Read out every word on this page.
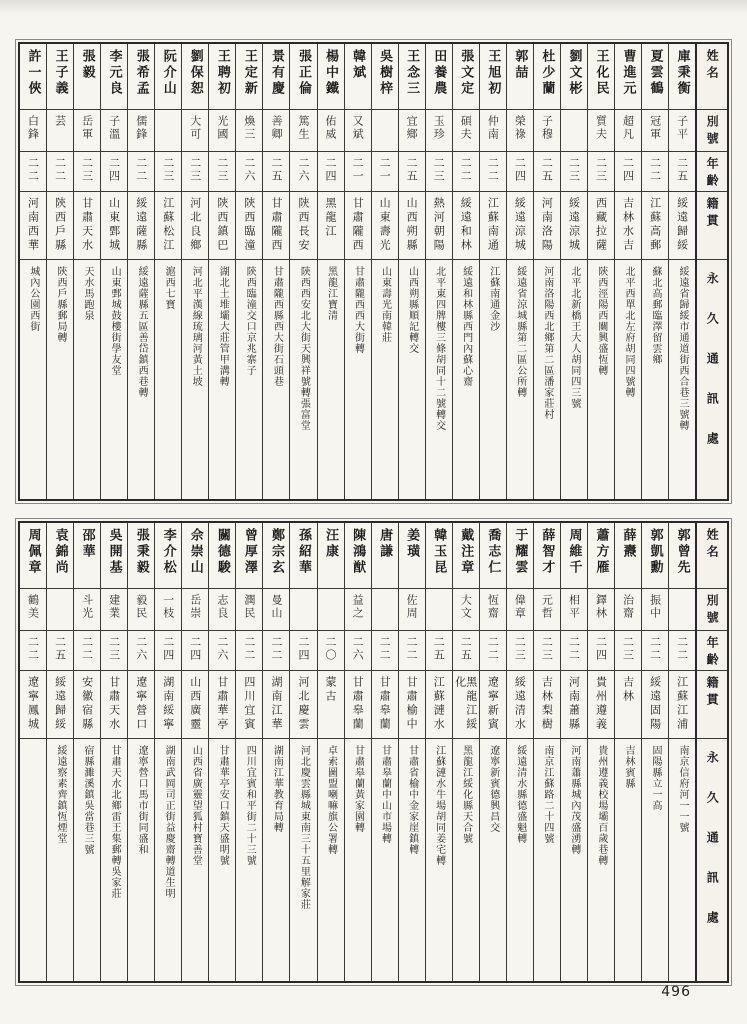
許一俠
白鋒
二二
河南西華
城內公園西街
王子義
芸
二二
陝西戶縣
陝西戶縣郵局轉
張毅
岳軍
二三
甘肅天水
天水馬跑泉
李元良
子溫
二四
山東鄄城
山東鄄城鼓樓街學友堂
張希孟
儒鋒
二二
綏遠薩縣
綏遠薩縣五區善岱鎮西巷轉
阮介山
二三
江蘇松江
滬西七寶
劉保恕
大可
二三
河北良鄉
河北平漢線琉璃河黃土坡
王聘初
光國
二三
陝西鎮巴
湖北土堆壩大莊管甲溝轉
王定新
煥三
二六
陝西臨潼
陝西臨潼交口京兆寨子
景有慶
善卿
二五
甘肅隴西
甘肅隴西縣西大街石頭巷
張正倫
篤生
二六
陝西長安
陝西西安北大街天興祥號轉張富堂
楊中鐵
佑威
二四
黑龍江
黑龍江寶清
韓斌
又斌
二一
甘肅隴西
甘肅隴西西大街轉
吳樹梓
二一
山東壽光
山東壽光南韓莊
王念三
宜鄉
二五
山西朔縣
山西朔縣順記轉交
田養農
玉珍
二三
熱河朝陽
北平東四牌樓三條胡同十二號轉交
張文定
碩夫
二二
綏遠和林
綏遠和林縣西門內蘇心齋
王旭初
仲南
二二
江蘇南通
江蘇南通金沙
郭喆
榮祿
二四
綏遠涼城
綏遠省涼城縣第二區公所轉
杜少蘭
子穆
二五
河南洛陽
河南洛陽西北鄉第二區潘家莊村
劉文彬
二三
綏遠涼城
北平北新橋王大人胡同四三號
王化民
質夫
二三
西藏拉薩
陝西涇陽西關興盛恆轉
曹進元
超凡
二四
吉林水吉
北平西單北左府胡同四號轉
夏雲鶴
冠軍
二二
江蘇高郵
蘇北高郵臨澤留雲鄉
庫秉衡
子平
二五
綏遠歸綏
綏遠省歸綏市通道街西合巷三號轉
姓名
別號
年齡
籍貫
永久通訊處
周佩章
鶴美
二二
遼寧鳳城
袁錦尚
二五
綏遠歸綏
綏遠察素齊鎮恆煙堂
邵華
斗光
二二
安徽宿縣
宿縣濉溪鎮吳當巷三號
吳開基
建業
二三
甘肅天水
甘肅天水北鄉雷王集郵轉吳家莊
張秉毅
毅民
二六
遼寧營口
遼寧營口馬市街同盛和
李介松
一枝
二四
湖南綏寧
湖南武岡司正街益慶齋轉道生明
佘崇山
岳崇
二四
山西廣靈
山西省廣靈望狐村寶善堂
關德駿
志良
二六
甘肅華亭
甘肅華亭安口鎮天盛明號
曾厚澤
潤民
二二
四川宜賓
四川宜賓和平街二十三號
鄭宗玄
曼山
二二
湖南江華
湖南江華教育局轉
孫紹華
二四
河北慶雲
河北慶雲縣城東南三十五里解家莊
汪康
二〇
蒙古
卓索圖盟喇嘛旗公署轉
陳鴻猷
益之
二六
甘肅皋蘭
甘肅皋蘭黃家園轉
唐謙
二二
甘肅皋蘭
甘肅皋蘭中山市場轉
姜璜
佐周
二二
甘肅榆中
甘肅省榆中金家崖鎮轉
韓玉昆
二五
江蘇漣水
江蘇漣水牛場胡同姜宅轉
戴注章
大文
二五
黑龍江綏化
黑龍江綏化縣天合號
喬志仁
恆齋
二二
遼寧新賓
遼寧新賓德興昌交
于耀雲
偉章
二三
綏遠清水
綏遠清水縣德盛魁轉
薛智才
元哲
二三
吉林梨樹
南京江蘇路二十四號
周維千
相平
二二
河南蕭縣
河南蕭縣城內茂盛湧轉
蕭方雁
鐸林
二四
貴州遵義
貴州遵義校場壩百歲巷轉
薛燾
治齋
二三
吉林
吉林賓縣
郭凱勳
振中
二二
綏遠固陽
固陽縣立一高
郭曾先
二二
江蘇江浦
南京信府河一一號
姓名
別號
年齡
籍貫
永久通訊處
496
